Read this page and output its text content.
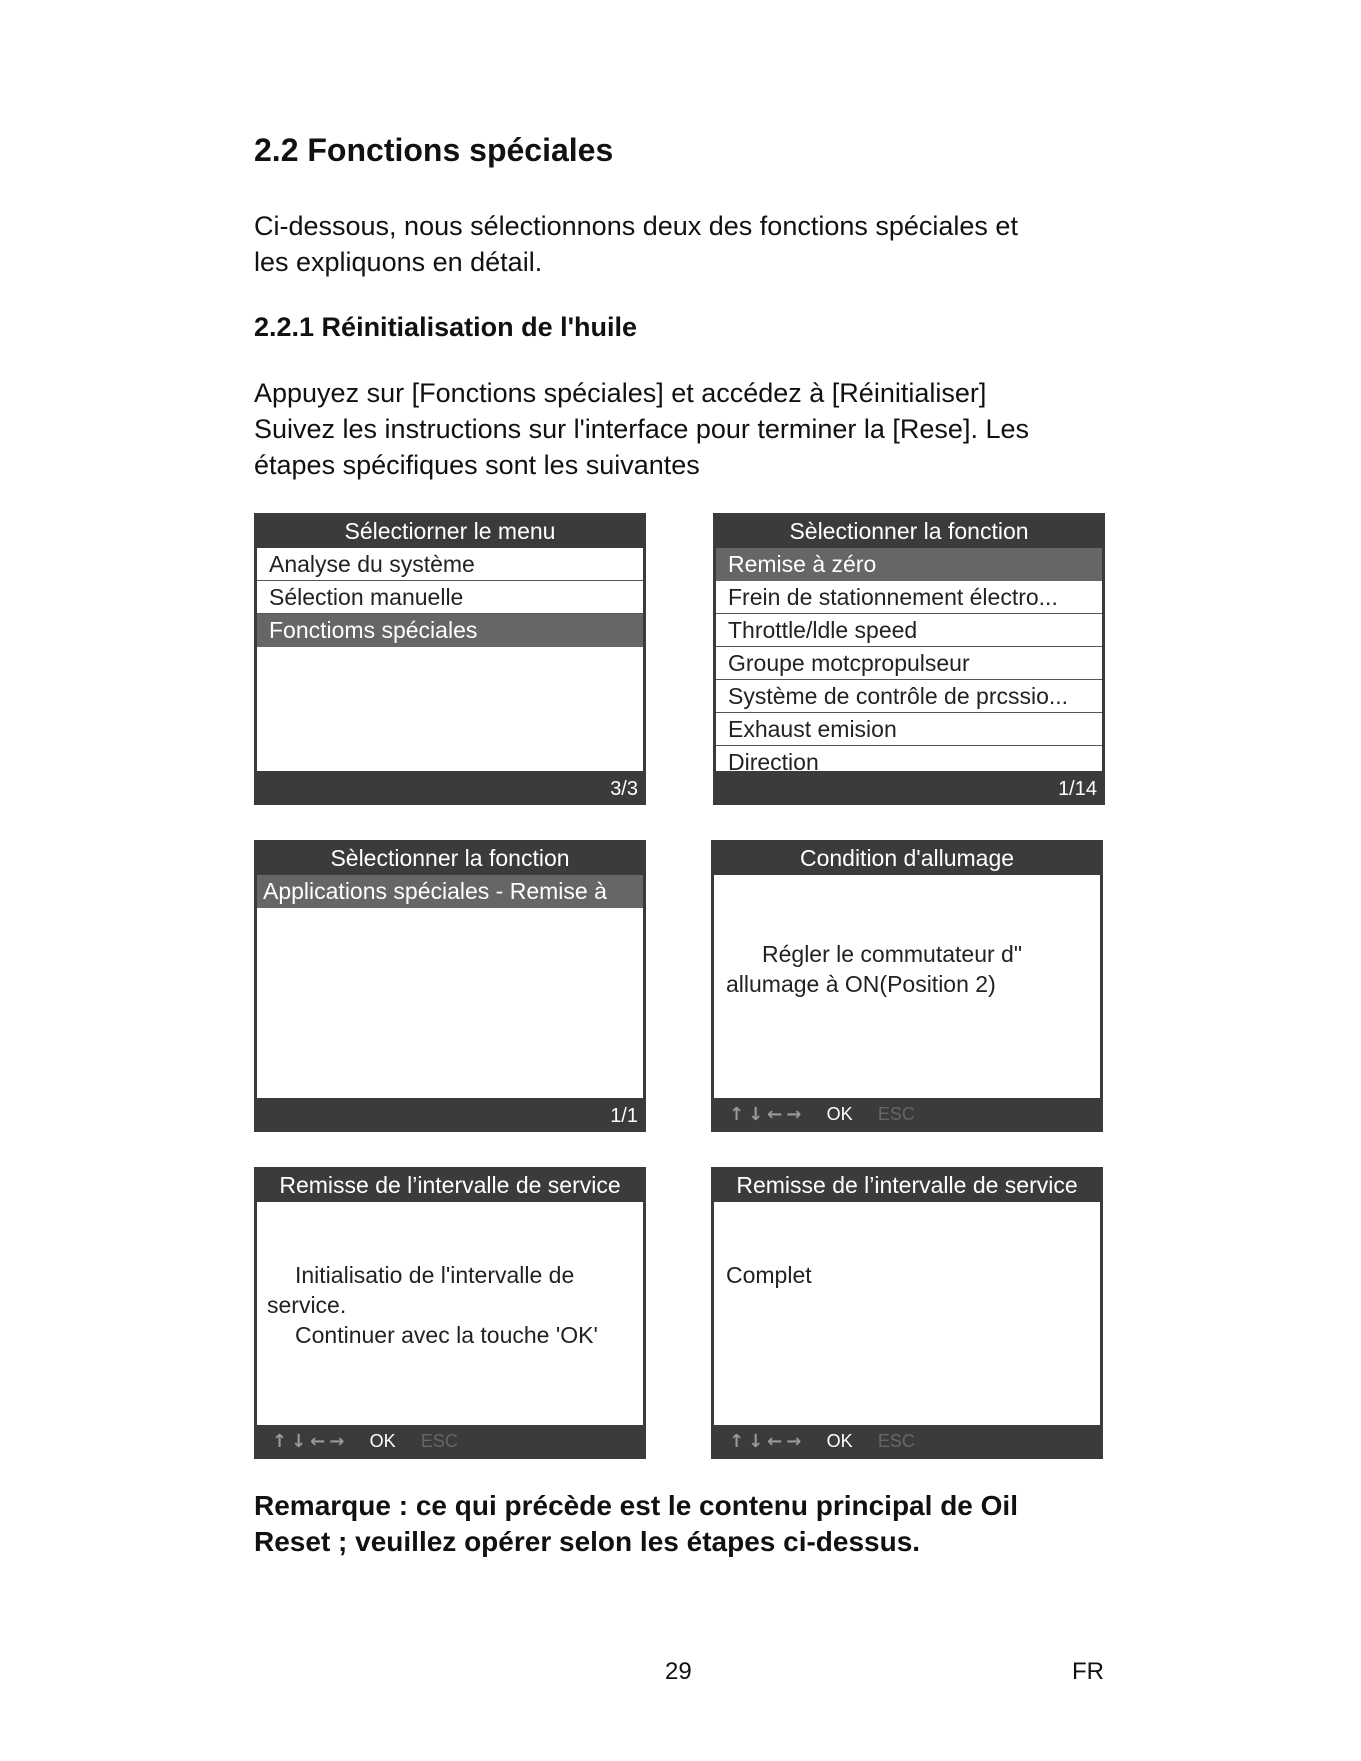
2.2 Fonctions spéciales
Ci-dessous, nous sélectionnons deux des fonctions spéciales et
les expliquons en détail.
2.2.1 Réinitialisation de l'huile
Appuyez sur [Fonctions spéciales] et accédez à [Réinitialiser]
Suivez les instructions sur l'interface pour terminer la [Rese]. Les
étapes spécifiques sont les suivantes
Sélectiorner le menu
Analyse du système
Sélection manuelle
Fonctioms spéciales
3/3
Sèlectionner la fonction
Remise à zéro
Frein de stationnement électro...
Throttle/ldle speed
Groupe motcpropulseur
Système de contrôle de prcssio...
Exhaust emision
Direction
1/14
Sèlectionner la fonction
Applications spéciales - Remise à
1/1
Condition d'allumage

Régler le commutateur d"

allumage à ON(Position 2)

↑↓←→ OK ESC
Remisse de l’intervalle de service

Initialisatio de l'intervalle de

service.

Continuer avec la touche 'OK'

↑↓←→ OK ESC
Remisse de l’intervalle de service

Complet

↑↓←→ OK ESC
Remarque : ce qui précède est le contenu principal de Oil
Reset ; veuillez opérer selon les étapes ci-dessus.
29	FR
